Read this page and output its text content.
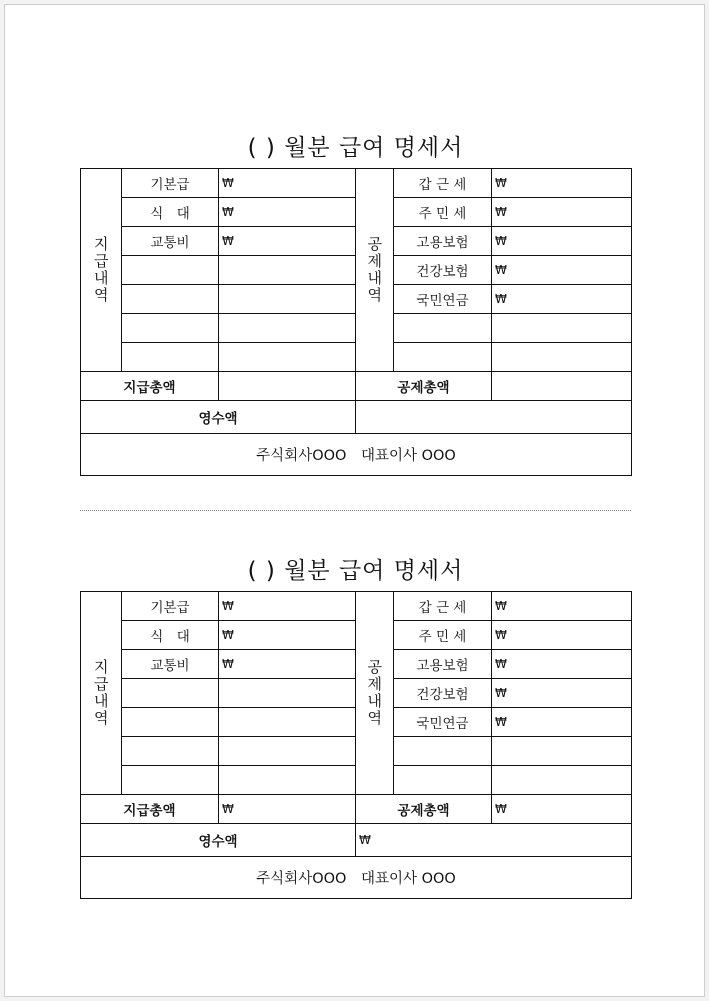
( ) 월분 급여 명세서
지급내역	기본급	₩	공제내역	갑 근 세	₩
	식　대	₩		주 민 세	₩
	교통비	₩		고용보험	₩
				건강보험	₩
				국민연금	₩

지급총액			공제총액		
영수액					
주식회사OOO　대표이사 OOO					
( ) 월분 급여 명세서
지급내역	기본급	₩	공제내역	갑 근 세	₩
	식　대	₩		주 민 세	₩
	교통비	₩		고용보험	₩
				건강보험	₩
				국민연금	₩

지급총액		₩	공제총액		₩
영수액			₩		
주식회사OOO　대표이사 OOO					
